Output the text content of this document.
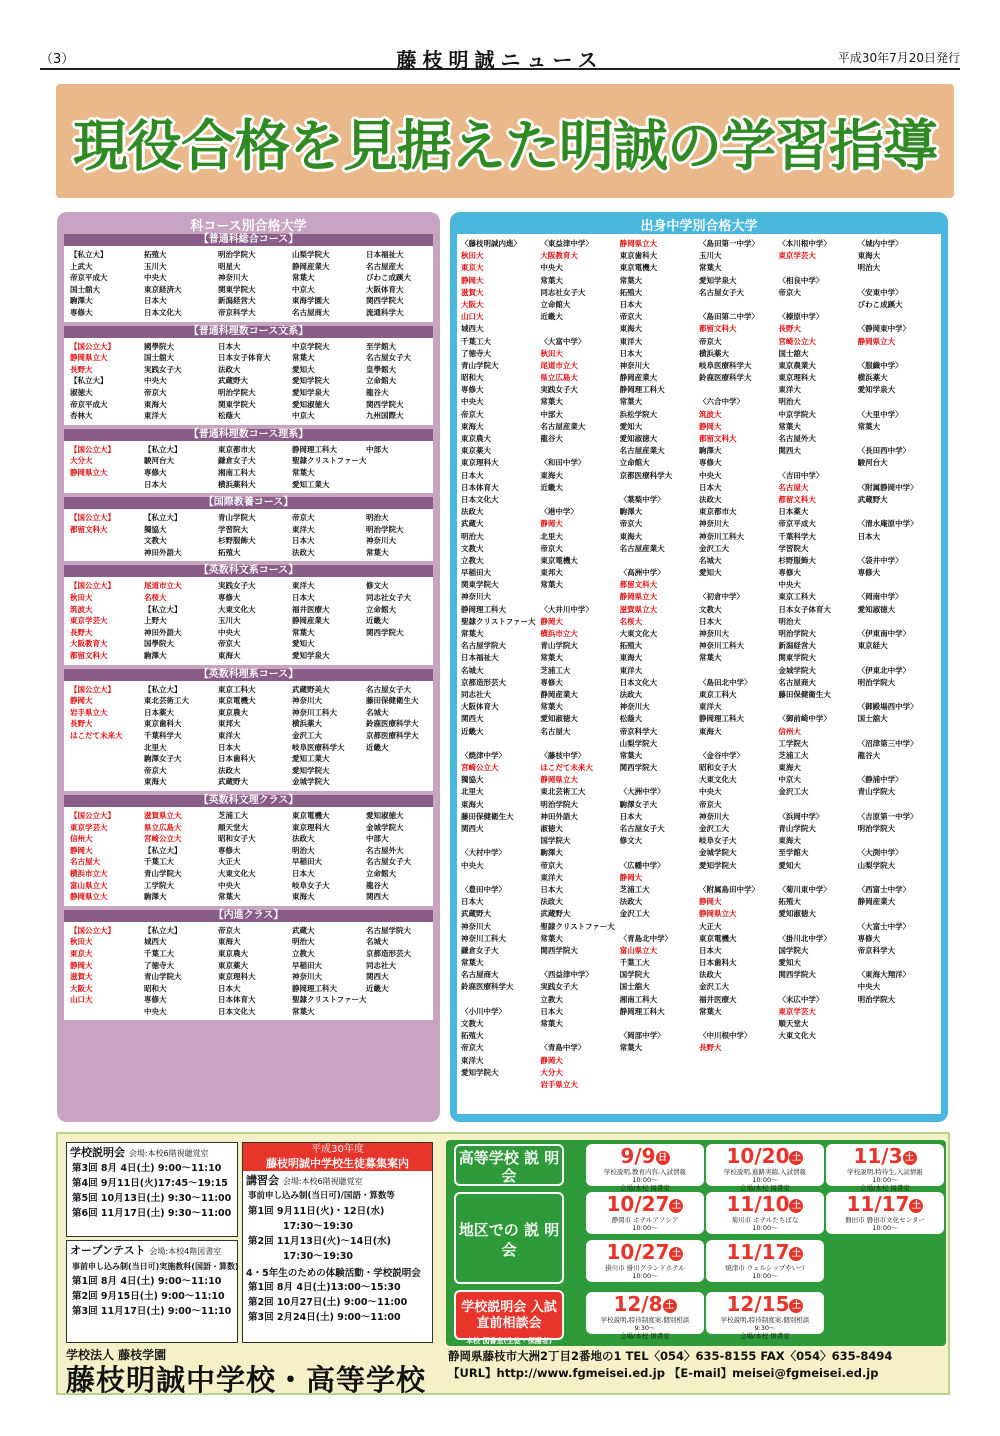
（3）	藤枝明誠ニュース	平成30年7月20日発行
現役合格を見据えた明誠の学習指導
科コース別合格大学
【普通科総合コース】
【私立大】
上武大
帝京平成大
国士舘大
駒澤大
専修大
拓殖大
玉川大
中央大
東京経済大
日本大
日本文化大
明治学院大
明星大
神奈川大
関東学院大
新潟経営大
帝京科学大
山梨学院大
静岡産業大
常葉大
中京大
東海学園大
名古屋商大
日本福祉大
名古屋産大
びわこ成蹊大
大阪体育大
関西学院大
流通科学大
【普通科理数コース文系】
【国公立大】
静岡県立大
長野大
【私立大】
淑徳大
帝京平成大
杏林大
國學院大
国士舘大
実践女子大
中央大
帝京大
東海大
東洋大
日本大
日本女子体育大
法政大
武蔵野大
明治学院大
関東学院大
松蔭大
中京学院大
常葉大
愛知大
愛知学院大
愛知学泉大
愛知淑徳大
中京大
至学館大
名古屋女子大
皇學館大
立命館大
龍谷大
関西学院大
九州国際大
【普通科理数コース理系】
【国公立大】
大分大
静岡県立大
【私立大】
駿河台大
専修大
日本大
東京都市大
鎌倉女子大
湘南工科大
横浜薬科大
静岡理工科大
聖隷クリストファー大
常葉大
愛知工業大
中部大
【国際教養コース】
【国公立大】
都留文科大
【私立大】
獨協大
文教大
神田外語大
青山学院大
学習院大
杉野服飾大
拓殖大
帝京大
東洋大
日本大
法政大
明治大
明治学院大
神奈川大
常葉大
【英数科文系コース】
【国公立大】
秋田大
筑波大
東京学芸大
長野大
大阪教育大
都留文科大
尾道市立大
名桜大
【私立大】
上野大
神田外語大
国學院大
駒澤大
実践女子大
専修大
大東文化大
玉川大
中央大
帝京大
東海大
東洋大
日本大
福井医療大
静岡産業大
常葉大
愛知大
愛知学泉大
修文大
同志社女子大
立命館大
近畿大
関西学院大
【英数科理系コース】
【国公立大】
静岡大
岩手県立大
長野大
はこだて未来大
【私立大】
東北芸術工大
日本薬大
東京歯科大
千葉科学大
北里大
駒澤女子大
帝京大
東海大
東京工科大
東京電機大
東京農大
東邦大
東洋大
日本大
日本歯科大
法政大
武蔵野大
武蔵野美大
神奈川大
神奈川工科大
横浜薬大
金沢工大
岐阜医療科学大
愛知工業大
愛知学院大
金城学院大
名古屋女子大
藤田保健衛生大
名城大
鈴鹿医療科学大
京都医療科学大
近畿大
【英数科文理クラス】
【国公立大】
東京学芸大
信州大
静岡大
名古屋大
横浜市立大
富山県立大
静岡県立大
滋賀県立大
県立広島大
宮崎公立大
【私立大】
千葉工大
青山学院大
工学院大
駒澤大
芝浦工大
順天堂大
昭和女子大
専修大
大正大
大東文化大
中央大
常葉大
東京電機大
東京理科大
法政大
明治大
早稲田大
日本大
岐阜女子大
東海大
愛知淑徳大
金城学院大
中部大
名古屋外大
名古屋女子大
立命館大
龍谷大
関西大
【内進クラス】
【国公立大】
秋田大
東京大
静岡大
滋賀大
大阪大
山口大
【私立大】
城西大
千葉工大
了徳寺大
青山学院大
昭和大
専修大
中央大
帝京大
東海大
東京農大
東京薬大
東京理科大
日本大
日本体育大
日本文化大
武蔵大
明治大
立教大
早稲田大
神奈川大
静岡理工科大
聖隷クリストファー大
常葉大
名古屋学院大
名城大
京都造形芸大
同志社大
関西大
近畿大
出身中学別合格大学
〈藤枝明誠内進〉
秋田大
東京大
静岡大
滋賀大
大阪大
山口大
城西大
千葉工大
了徳寺大
青山学院大
昭和大
専修大
中央大
帝京大
東海大
東京農大
東京薬大
東京理科大
日本大
日本体育大
日本文化大
法政大
武蔵大
明治大
文教大
立教大
早稲田大
関東学院大
神奈川大
静岡理工科大
聖隷クリストファー大
常葉大
名古屋学院大
日本福祉大
名城大
京都造形芸大
同志社大
大阪体育大
関西大
近畿大
〈焼津中学〉
宮崎公立大
獨協大
北里大
東海大
藤田保健衛生大
関西大
〈大村中学〉
中央大
〈豊田中学〉
日本大
武蔵野大
神奈川大
神奈川工科大
鎌倉女子大
常葉大
名古屋商大
鈴鹿医療科学大
〈小川中学〉
文教大
拓殖大
帝京大
東洋大
愛知学院大
〈東益津中学〉
大阪教育大
中央大
常葉大
同志社女子大
立命館大
近畿大
〈大富中学〉
秋田大
尾道市立大
県立広島大
実践女子大
常葉大
中部大
名古屋産業大
龍谷大
〈和田中学〉
東海大
近畿大
〈港中学〉
静岡大
北里大
帝京大
東京電機大
東邦大
常葉大
〈大井川中学〉
静岡大
横浜市立大
青山学院大
常葉大
芝浦工大
専修大
静岡産業大
常葉大
愛知淑徳大
名古屋大
〈藤枝中学〉
はこだて未来大
静岡県立大
東北芸術工大
明治学院大
神田外語大
淑徳大
国学院大
駒澤大
帝京大
東洋大
日本大
法政大
武蔵野大
聖隷クリストファー大
常葉大
関西学院大
〈西益津中学〉
実践女子大
立教大
日本大
常葉大
〈青島中学〉
静岡大
大分大
岩手県立大
静岡県立大
東京歯科大
東京電機大
常葉大
拓殖大
日本大
帝京大
東海大
東洋大
日本大
神奈川大
静岡産業大
静岡理工科大
常葉大
浜松学院大
愛知大
愛知淑徳大
名古屋産業大
立命館大
京都医療科学大
〈葉梨中学〉
駒澤大
帝京大
東海大
名古屋産業大
〈高洲中学〉
都留文科大
静岡県立大
滋賀県立大
名桜大
大東文化大
拓殖大
東海大
東洋大
日本文化大
法政大
神奈川大
松蔭大
帝京科学大
山梨学院大
常葉大
関西学院大
〈大洲中学〉
駒澤女子大
日本大
名古屋女子大
修文大
〈広幡中学〉
静岡大
芝浦工大
法政大
金沢工大
〈青島北中学〉
富山県立大
千葉工大
国学院大
国士舘大
湘南工科大
静岡理工科大
〈岡部中学〉
常葉大
〈島田第一中学〉
玉川大
常葉大
愛知学泉大
名古屋女子大
〈島田第二中学〉
都留文科大
帝京大
横浜薬大
岐阜医療科学大
鈴鹿医療科学大
〈六合中学〉
筑波大
静岡大
都留文科大
駒澤大
専修大
中央大
日本大
法政大
東京都市大
神奈川大
神奈川工科大
金沢工大
名城大
愛知大
〈初倉中学〉
文教大
日本大
神奈川大
神奈川工科大
常葉大
〈島田北中学〉
東京工科大
東洋大
静岡理工科大
東海大
〈金谷中学〉
昭和女子大
大東文化大
中央大
帝京大
神奈川大
金沢工大
岐阜女子大
金城学院大
愛知学院大
〈附属島田中学〉
静岡大
静岡県立大
大正大
東京電機大
日本大
日本歯科大
法政大
金沢工大
福井医療大
常葉大
〈中川根中学〉
長野大
〈本川根中学〉
東京学芸大
〈相良中学〉
帝京大
〈榛原中学〉
長野大
宮崎公立大
国士舘大
東京農業大
東京理科大
東洋大
明治大
中京学院大
常葉大
名古屋外大
関西大
〈吉田中学〉
名古屋大
都留文科大
日本薬大
帝京平成大
千葉科学大
学習院大
杉野服飾大
専修大
中央大
東京工科大
日本女子体育大
明治大
明治学院大
新潟経営大
関東学院大
金城学院大
名古屋商大
藤田保健衛生大
〈御前崎中学〉
信州大
工学院大
芝浦工大
東海大
中京大
金沢工大
〈浜岡中学〉
青山学院大
東海大
至学館大
愛知大
〈菊川東中学〉
拓殖大
愛知淑徳大
〈掛川北中学〉
国学院大
愛知大
関西学院大
〈末広中学〉
東京学芸大
順天堂大
大東文化大
〈城内中学〉
東海大
明治大
〈安東中学〉
びわこ成蹊大
〈静岡東中学〉
静岡県立大
〈服織中学〉
横浜薬大
愛知学泉大
〈大里中学〉
常葉大
〈長田西中学〉
駿河台大
〈附属静岡中学〉
武蔵野大
〈清水庵原中学〉
日本大
〈袋井中学〉
専修大
〈岡南中学〉
愛知淑徳大
〈伊東南中学〉
東京経大
〈伊東北中学〉
明治学院大
〈御殿場西中学〉
国士舘大
〈沼津第三中学〉
龍谷大
〈静浦中学〉
青山学院大
〈吉原第一中学〉
明治学院大
〈大渕中学〉
山梨学院大
〈西富士中学〉
静岡産業大
〈大富士中学〉
専修大
帝京科学大
〈東海大翔洋〉
中央大
明治学院大
学校説明会 会場:本校6階視聴覚室
第3回 8月 4日(土) 9:00〜11:10
第4回 9月11日(火)17:45〜19:15
第5回 10月13日(土) 9:30〜11:00
第6回 11月17日(土) 9:30〜11:00
オープンテスト 会場:本校4階図書室
事前申し込み制(当日可)実施教科(国語・算数)
第1回 8月 4日(土) 9:00〜11:10
第2回 9月15日(土) 9:00〜11:10
第3回 11月17日(土) 9:00〜11:10
平成30年度
藤枝明誠中学校生徒募集案内
講習会 会場:本校6階視聴覚室
事前申し込み制(当日可)/国語・算数等
第1回 9月11日(火)・12日(水)
17:30〜19:30
第2回 11月13日(火)〜14日(水)
17:30〜19:30
4・5年生のための体験活動・学校説明会
第1回 8月 4日(土)13:00〜15:30
第2回 10月27日(土) 9:00〜11:00
第3回 2月24日(土) 9:00〜11:00
学校法人 藤枝学園
藤枝明誠中学校・高等学校
高等学校 説 明 会
地区での 説 明 会
学校説明会 入試直前相談会
本校 図書室(生徒・保護者)
9/9 日
学校説明,教育内容,入試情報
10:00〜
会場/本校 図書室
10/20 土
学校説明,進路実績,入試情報
10:00〜
会場/本校 図書室
11/3 土
学校説明,特待生,入試情報
10:00〜
会場/本校 図書室
10/27 土
静岡市 ホテルアソシア
10:00〜
11/10 土
菊川市 ホテルたちばな
10:00〜
11/17 土
磐田市 磐田市文化センター
10:00〜
10/27 土
掛川市 掛川グランドホテル
10:00〜
11/17 土
焼津市 ウェルシップやいづ
10:00〜
12/8 土
学校説明,特待制度案,個別相談
9:30〜
会場/本校 図書室
12/15 土
学校説明,特待制度案,個別相談
9:30〜
会場/本校 図書室
静岡県藤枝市大洲2丁目2番地の1 TEL〈054〉635-8155 FAX〈054〉635-8494
【URL】http://www.fgmeisei.ed.jp 【E-mail】meisei@fgmeisei.ed.jp
